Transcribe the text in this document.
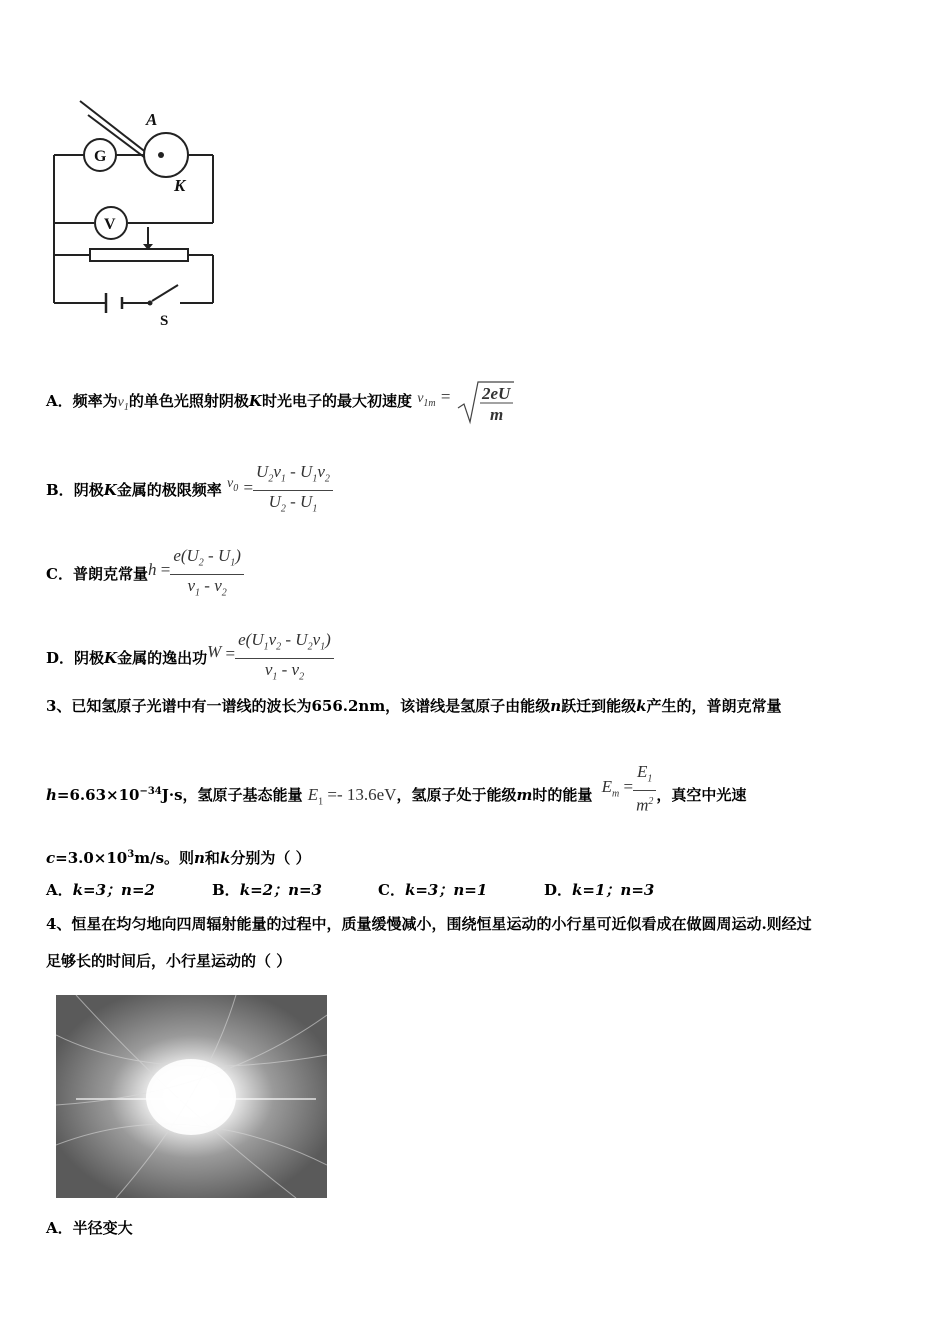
G
V
A
K
S
A．频率为$v_1$的单色光照射阴极K时光电子的最大初速度 $v_{1m} = 2eU$
m
B．阴极K金属的极限频率 $v_0 = \frac{U_2v_1 - U_1v_2}{U_2 - U_1}$
C．普朗克常量$h = \frac{e(U_2 - U_1)}{v_1 - v_2}$
D．阴极K金属的逸出功$W = \frac{e(U_1v_2 - U_2v_1)}{v_1 - v_2}$
3、已知氢原子光谱中有一谱线的波长为656.2nm，该谱线是氢原子由能级n跃迁到能级k产生的，普朗克常量
$h=6.63\times 10^{-34}J\cdot s$，氢原子基态能量 $E_1 =- 13.6eV$，氢原子处于能级m时的能量 $E_m = \frac{E_1}{m^2}$ ，真空中光速
$c=3.0\times 10^3m/s$。则n和k分别为（ ）
A．k=3；n=2	B．k=2；n=3	C．k=3；n=1	D．k=1；n=3
4、恒星在均匀地向四周辐射能量的过程中，质量缓慢减小，围绕恒星运动的小行星可近似看成在做圆周运动.则经过
足够长的时间后，小行星运动的（ ）
A．半径变大
